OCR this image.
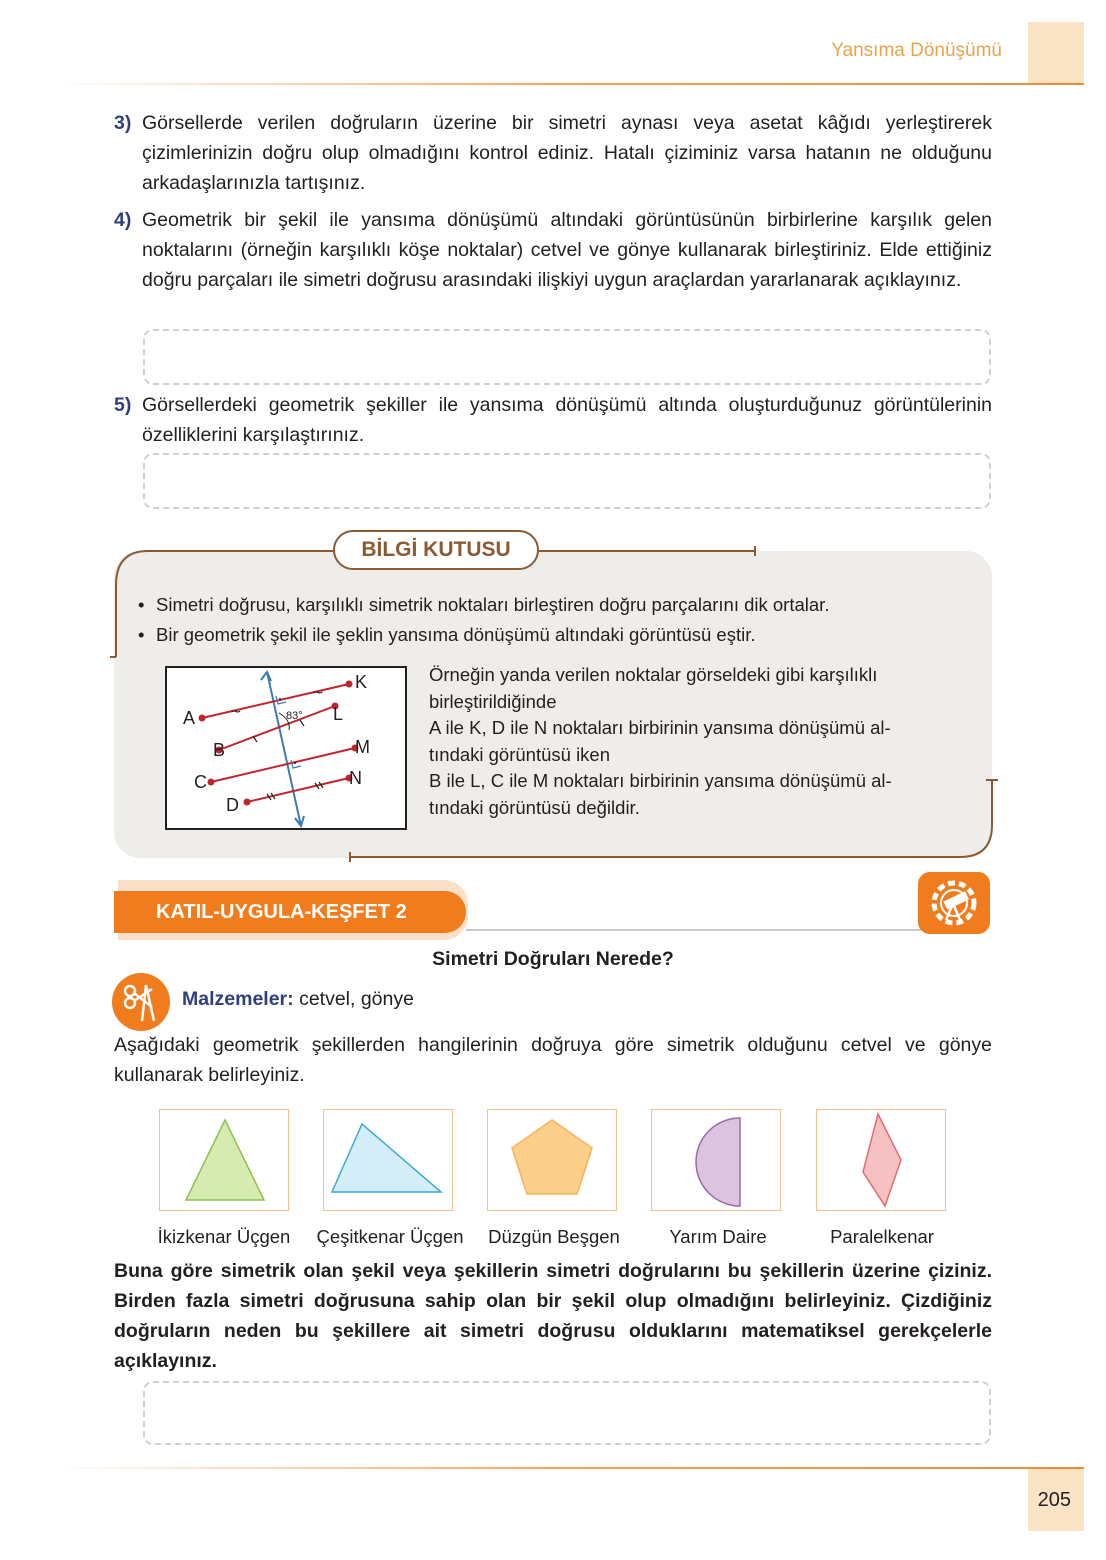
Yansıma Dönüşümü
3) Görsellerde verilen doğruların üzerine bir simetri aynası veya asetat kâğıdı yerleştirerek çizimlerinizin doğru olup olmadığını kontrol ediniz. Hatalı çiziminiz varsa hatanın ne olduğunu arkadaşlarınızla tartışınız.
4) Geometrik bir şekil ile yansıma dönüşümü altındaki görüntüsünün birbirlerine karşılık gelen noktalarını (örneğin karşılıklı köşe noktalar) cetvel ve gönye kullanarak birleştiriniz. Elde ettiğiniz doğru parçaları ile simetri doğrusu arasındaki ilişkiyi uygun araçlardan yararlanarak açıklayınız.
5) Görsellerdeki geometrik şekiller ile yansıma dönüşümü altında oluşturduğunuz görüntülerinin özelliklerini karşılaştırınız.
BİLGİ KUTUSU
• Simetri doğrusu, karşılıklı simetrik noktaları birleştiren doğru parçalarını dik ortalar.
• Bir geometrik şekil ile şeklin yansıma dönüşümü altındaki görüntüsü eştir.
~
~
A
B
C
D
K
L
M
N
83°
Örneğin yanda verilen noktalar görseldeki gibi karşılıklı
birleştirildiğinde
A ile K, D ile N noktaları birbirinin yansıma dönüşümü al-
tındaki görüntüsü iken
B ile L, C ile M noktaları birbirinin yansıma dönüşümü al-
tındaki görüntüsü değildir.
KATIL-UYGULA-KEŞFET 2
Simetri Doğruları Nerede?
Malzemeler: cetvel, gönye
Aşağıdaki geometrik şekillerden hangilerinin doğruya göre simetrik olduğunu cetvel ve gönye kullanarak belirleyiniz.
İkizkenar Üçgen	Çeşitkenar Üçgen	Düzgün Beşgen	Yarım Daire	Paralelkenar
Buna göre simetrik olan şekil veya şekillerin simetri doğrularını bu şekillerin üzerine çiziniz. Birden fazla simetri doğrusuna sahip olan bir şekil olup olmadığını belirleyiniz. Çizdiğiniz doğruların neden bu şekillere ait simetri doğrusu olduklarını matematiksel gerekçelerle açıklayınız.
205
